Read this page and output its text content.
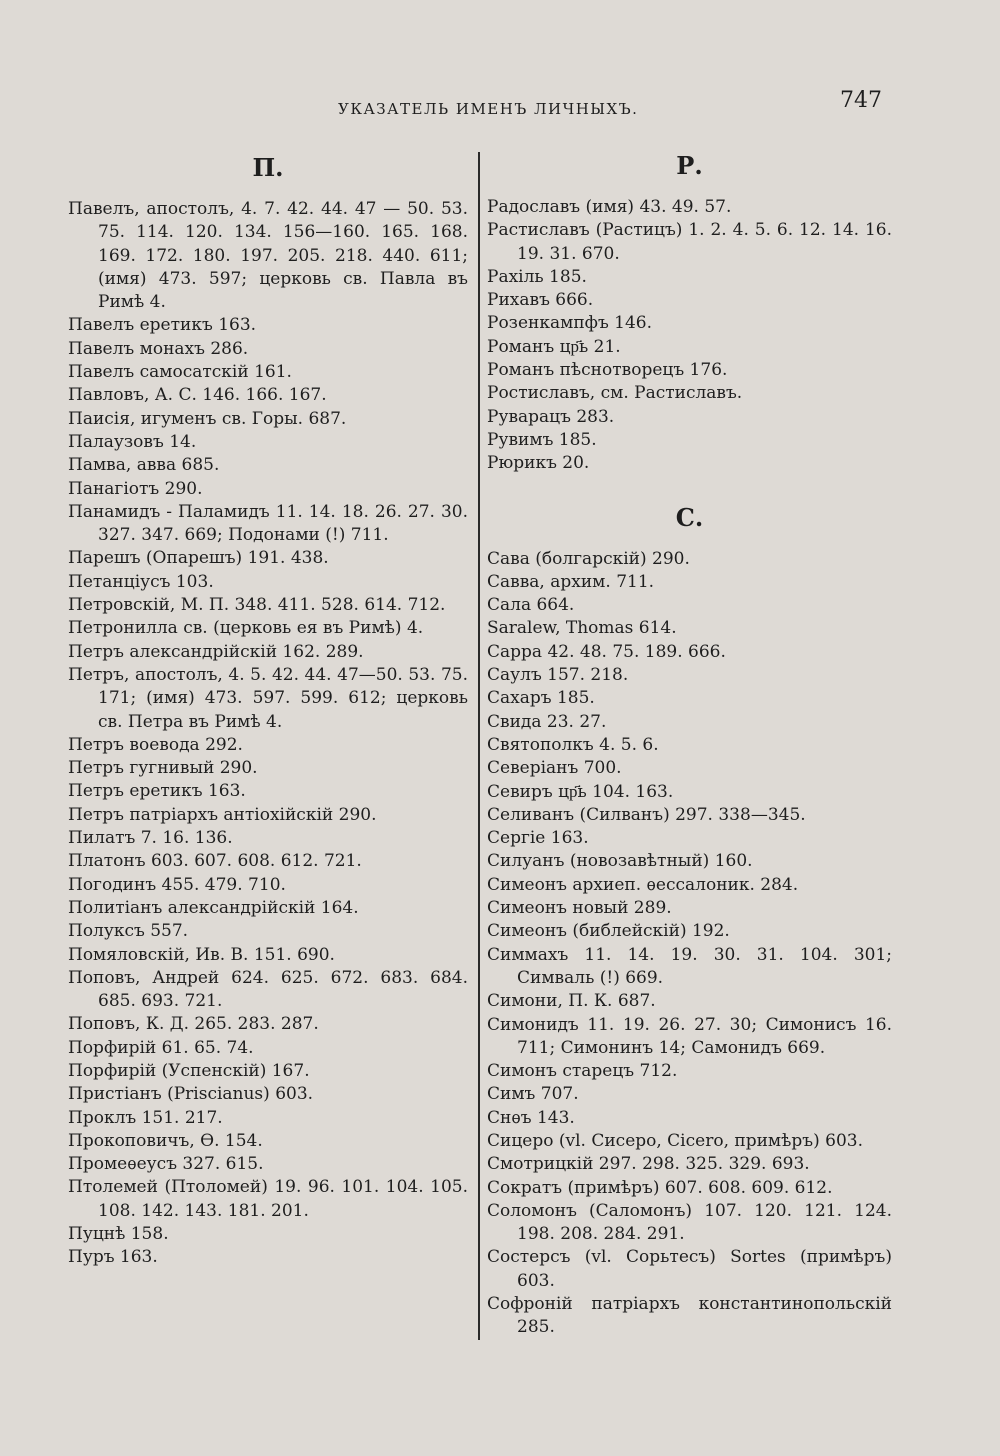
УКАЗАТЕЛЬ ИМЕНЪ ЛИЧНЫХЪ.	747
П.
Павелъ, апостолъ, 4. 7. 42. 44. 47 — 50. 53. 75. 114. 120. 134. 156—160. 165. 168. 169. 172. 180. 197. 205. 218. 440. 611; (имя) 473. 597; церковь св. Павла въ Римѣ 4.
Павелъ еретикъ 163.
Павелъ монахъ 286.
Павелъ самосатскій 161.
Павловъ, А. С. 146. 166. 167.
Паисія, игуменъ св. Горы. 687.
Палаузовъ 14.
Памва, авва 685.
Панагіотъ 290.
Панамидъ - Паламидъ 11. 14. 18. 26. 27. 30. 327. 347. 669; Подонами (!) 711.
Парешъ (Опарешъ) 191. 438.
Петанціусъ 103.
Петровскій, М. П. 348. 411. 528. 614. 712.
Петронилла св. (церковь ея въ Римѣ) 4.
Петръ александрійскій 162. 289.
Петръ, апостолъ, 4. 5. 42. 44. 47—50. 53. 75. 171; (имя) 473. 597. 599. 612; церковь св. Петра въ Римѣ 4.
Петръ воевода 292.
Петръ гугнивый 290.
Петръ еретикъ 163.
Петръ патріархъ антіохійскій 290.
Пилатъ 7. 16. 136.
Платонъ 603. 607. 608. 612. 721.
Погодинъ 455. 479. 710.
Политіанъ александрійскій 164.
Полуксъ 557.
Помяловскій, Ив. В. 151. 690.
Поповъ, Андрей 624. 625. 672. 683. 684. 685. 693. 721.
Поповъ, К. Д. 265. 283. 287.
Порфирій 61. 65. 74.
Порфирій (Успенскій) 167.
Пристіанъ (Priscianus) 603.
Проклъ 151. 217.
Прокоповичъ, Ѳ. 154.
Промеѳеусъ 327. 615.
Птолемей (Птоломей) 19. 96. 101. 104. 105. 108. 142. 143. 181. 201.
Пуцнѣ 158.
Пуръ 163.
Р.
Радославъ (имя) 43. 49. 57.
Растиславъ (Растицъ) 1. 2. 4. 5. 6. 12. 14. 16. 19. 31. 670.
Рахіль 185.
Рихавъ 666.
Розенкампфъ 146.
Романъ цр҃ь 21.
Романъ пѣснотворецъ 176.
Ростиславъ, см. Растиславъ.
Руварацъ 283.
Рувимъ 185.
Рюрикъ 20.
С.
Сава (болгарскій) 290.
Савва, архим. 711.
Сала 664.
Saralew, Thomas 614.
Сарра 42. 48. 75. 189. 666.
Саулъ 157. 218.
Сахаръ 185.
Свида 23. 27.
Святополкъ 4. 5. 6.
Северіанъ 700.
Севиръ цр҃ь 104. 163.
Селиванъ (Силванъ) 297. 338—345.
Сергіе 163.
Силуанъ (новозавѣтный) 160.
Симеонъ архиеп. ѳессалоник. 284.
Симеонъ новый 289.
Симеонъ (библейскій) 192.
Симмахъ 11. 14. 19. 30. 31. 104. 301; Симваль (!) 669.
Симони, П. К. 687.
Симонидъ 11. 19. 26. 27. 30; Симонисъ 16. 711; Симонинъ 14; Самонидъ 669.
Симонъ старецъ 712.
Симъ 707.
Снѳъ 143.
Сицеро (vl. Сисеро, Cicero, примѣръ) 603.
Смотрицкій 297. 298. 325. 329. 693.
Сократъ (примѣръ) 607. 608. 609. 612.
Соломонъ (Саломонъ) 107. 120. 121. 124. 198. 208. 284. 291.
Состерсъ (vl. Сорьтесъ) Sortes (примѣръ) 603.
Софроній патріархъ константинопольскій 285.
